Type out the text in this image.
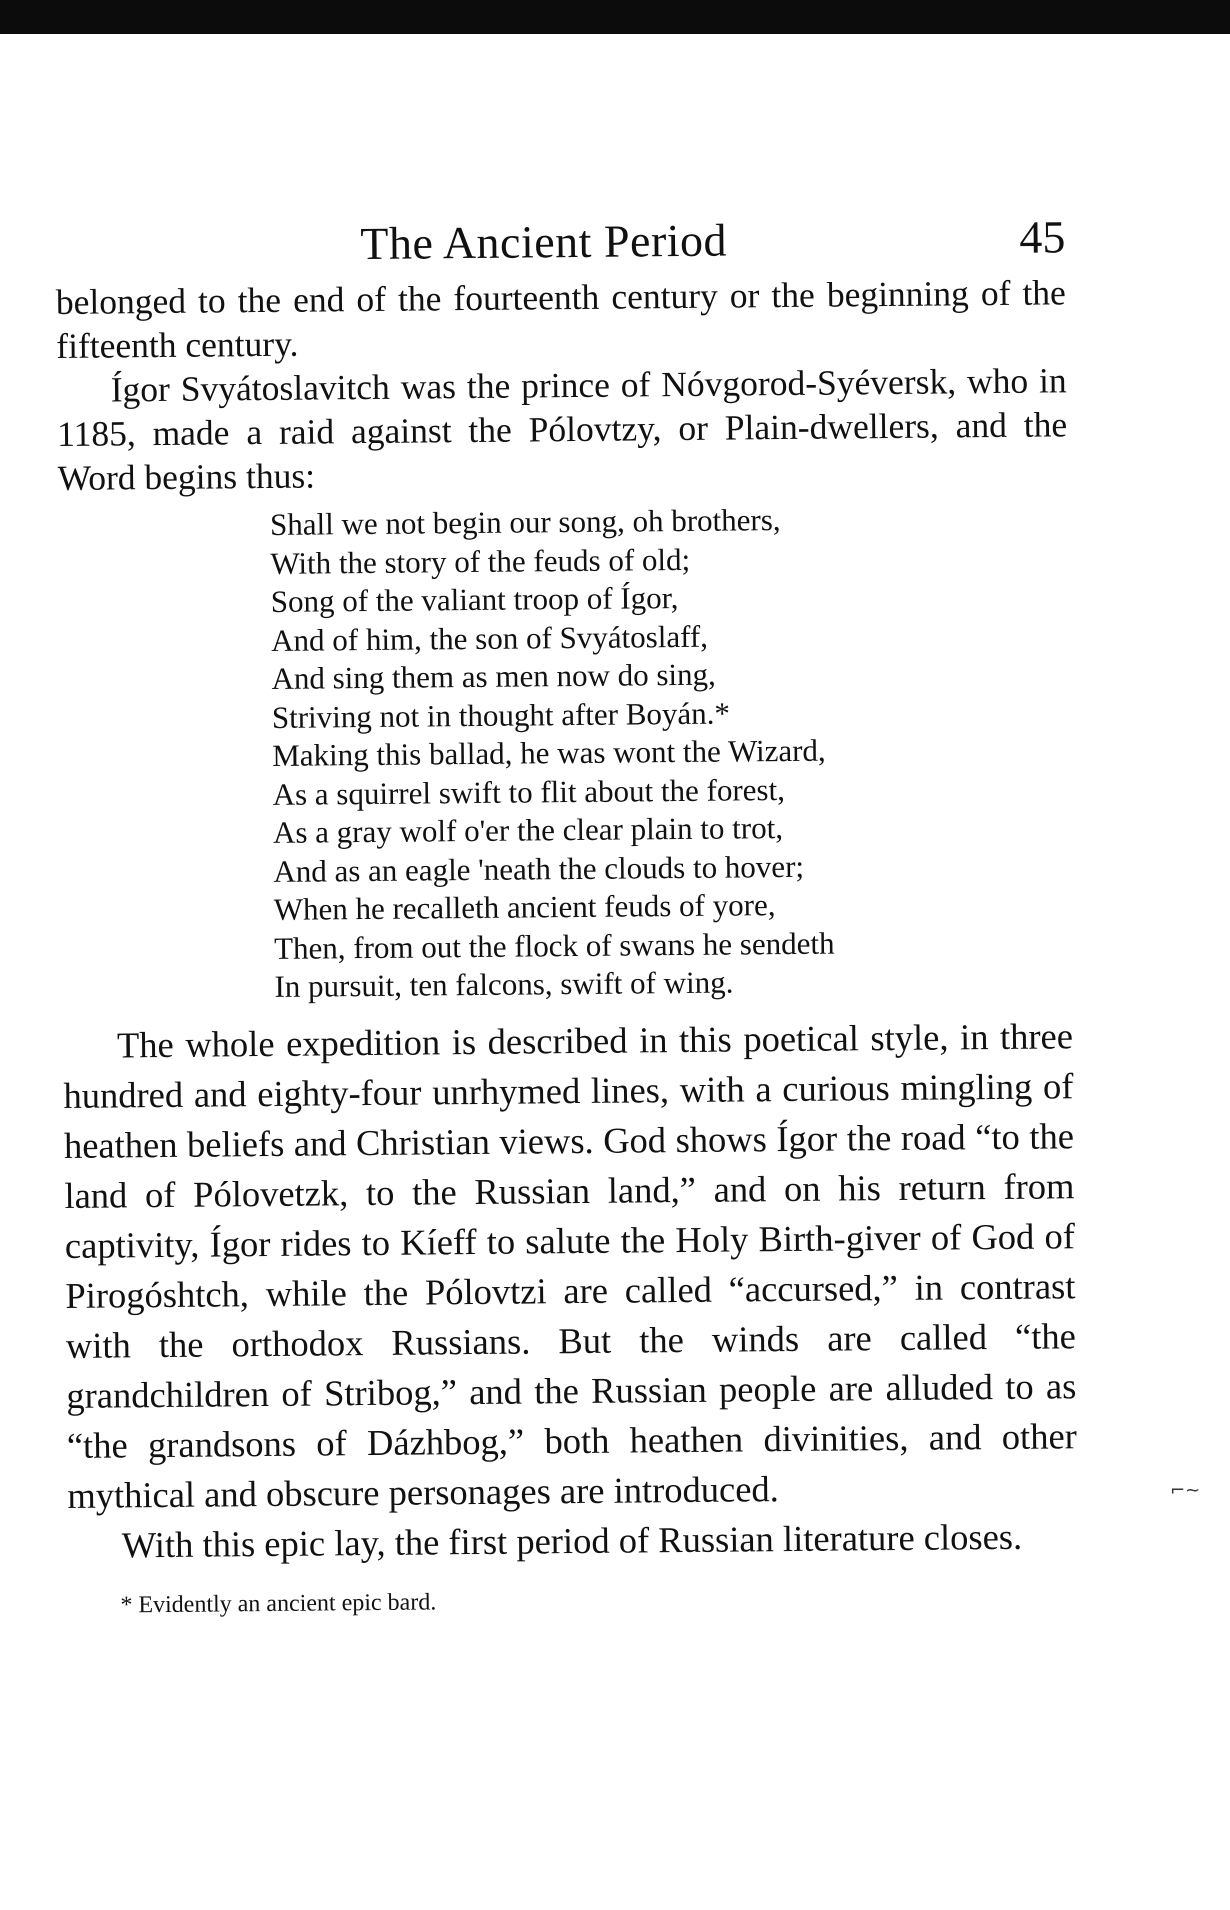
The Ancient Period	45

belonged to the end of the fourteenth century or the beginning of the fifteenth century.

Ígor Svyátoslavitch was the prince of Nóvgorod-Syéversk, who in 1185, made a raid against the Pólovtzy, or Plain-dwellers, and the Word begins thus:

Shall we not begin our song, oh brothers,
With the story of the feuds of old;
Song of the valiant troop of Ígor,
And of him, the son of Svyátoslaff,
And sing them as men now do sing,
Striving not in thought after Boyán.*
Making this ballad, he was wont the Wizard,
As a squirrel swift to flit about the forest,
As a gray wolf o'er the clear plain to trot,
And as an eagle 'neath the clouds to hover;
When he recalleth ancient feuds of yore,
Then, from out the flock of swans he sendeth
In pursuit, ten falcons, swift of wing.

The whole expedition is described in this poetical style, in three hundred and eighty-four unrhymed lines, with a curious mingling of heathen beliefs and Christian views. God shows Ígor the road “to the land of Pólovetzk, to the Russian land,” and on his return from captivity, Ígor rides to Kíeff to salute the Holy Birth-giver of God of Pirogóshtch, while the Pólovtzi are called “accursed,” in contrast with the orthodox Russians. But the winds are called “the grandchildren of Stribog,” and the Russian people are alluded to as “the grandsons of Dázhbog,” both heathen divinities, and other mythical and obscure personages are introduced.

With this epic lay, the first period of Russian literature closes.

* Evidently an ancient epic bard.
⌐~
